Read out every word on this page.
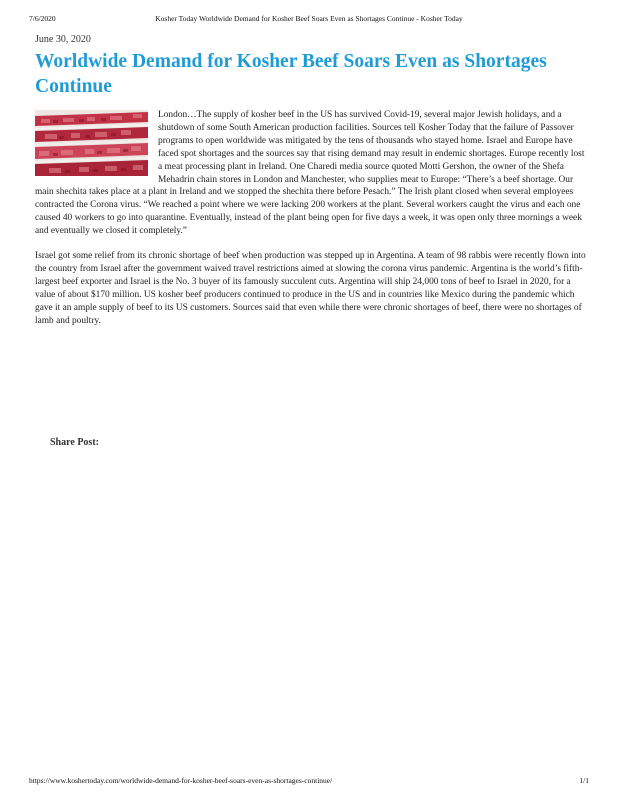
7/6/2020	Kosher Today Worldwide Demand for Kosher Beef Soars Even as Shortages Continue - Kosher Today
June 30, 2020
Worldwide Demand for Kosher Beef Soars Even as Shortages Continue

London…The supply of kosher beef in the US has survived Covid-19, several major Jewish holidays, and a shutdown of some South American production facilities. Sources tell Kosher Today that the failure of Passover programs to open worldwide was mitigated by the tens of thousands who stayed home. Israel and Europe have faced spot shortages and the sources say that rising demand may result in endemic shortages. Europe recently lost a meat processing plant in Ireland. One Charedi media source quoted Motti Gershon, the owner of the Shefa Mehadrin chain stores in London and Manchester, who supplies meat to Europe: “There’s a beef shortage. Our main shechita takes place at a plant in Ireland and we stopped the shechita there before Pesach.” The Irish plant closed when several employees contracted the Corona virus. “We reached a point where we were lacking 200 workers at the plant. Several workers caught the virus and each one caused 40 workers to go into quarantine. Eventually, instead of the plant being open for five days a week, it was open only three mornings a week and eventually we closed it completely.”

Israel got some relief from its chronic shortage of beef when production was stepped up in Argentina. A team of 98 rabbis were recently flown into the country from Israel after the government waived travel restrictions aimed at slowing the corona virus pandemic. Argentina is the world’s fifth-largest beef exporter and Israel is the No. 3 buyer of its famously succulent cuts. Argentina will ship 24,000 tons of beef to Israel in 2020, for a value of about $170 million. US kosher beef producers continued to produce in the US and in countries like Mexico during the pandemic which gave it an ample supply of beef to its US customers. Sources said that even while there were chronic shortages of beef, there were no shortages of lamb and poultry.

Share Post:
https://www.koshertoday.com/worldwide-demand-for-kosher-beef-soars-even-as-shortages-continue/	1/1
